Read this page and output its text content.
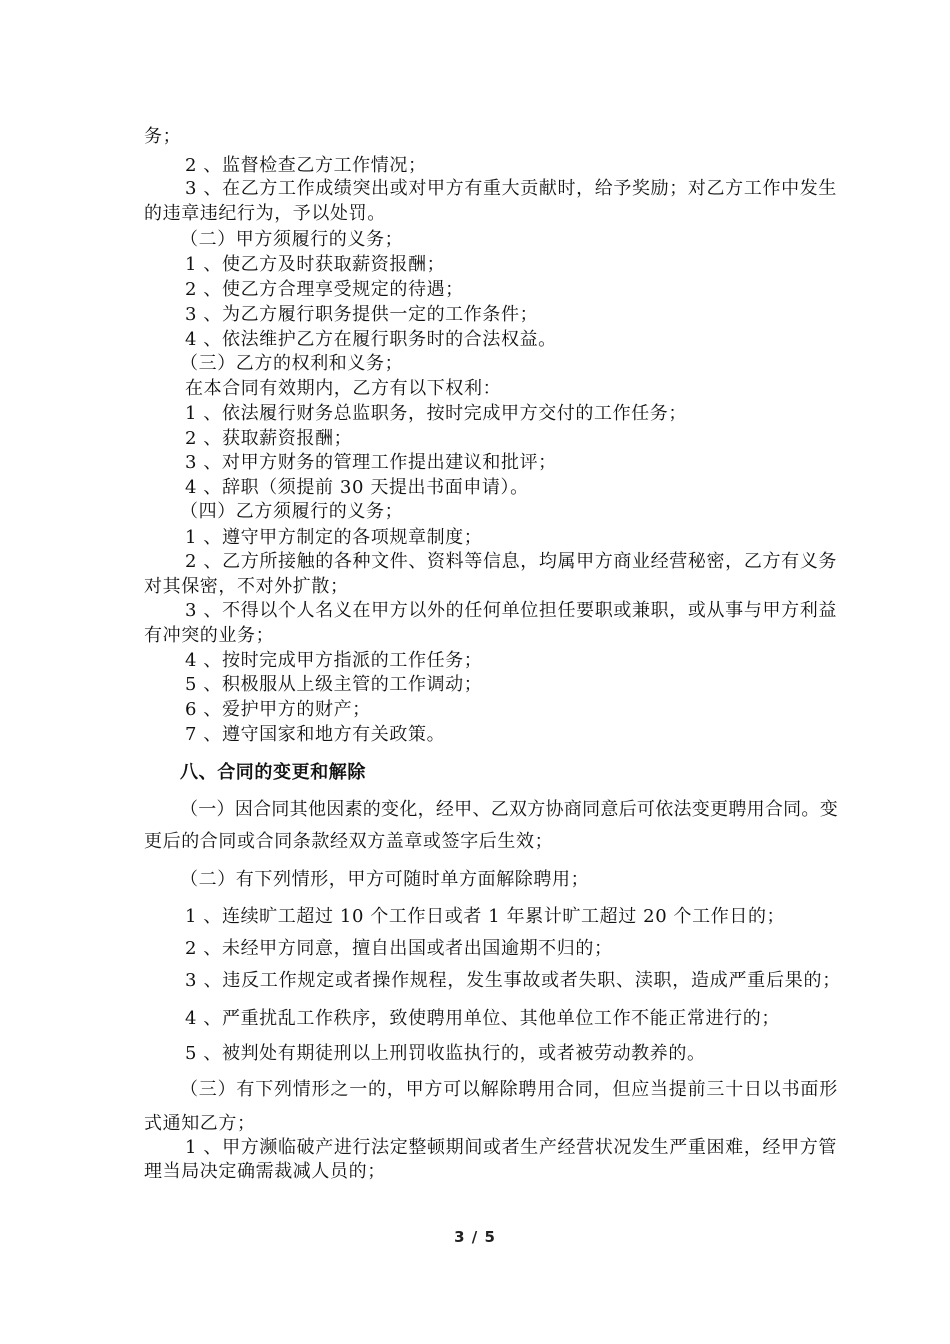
务；
2 、监督检查乙方工作情况；
3 、在乙方工作成绩突出或对甲方有重大贡献时，给予奖励；对乙方工作中发生
的违章违纪行为，予以处罚。
（二）甲方须履行的义务；
1 、使乙方及时获取薪资报酬；
2 、使乙方合理享受规定的待遇；
3 、为乙方履行职务提供一定的工作条件；
4 、依法维护乙方在履行职务时的合法权益。
（三）乙方的权利和义务；
在本合同有效期内，乙方有以下权利：
1 、依法履行财务总监职务，按时完成甲方交付的工作任务；
2 、获取薪资报酬；
3 、对甲方财务的管理工作提出建议和批评；
4 、辞职（须提前 30 天提出书面申请）。
（四）乙方须履行的义务；
1 、遵守甲方制定的各项规章制度；
2 、乙方所接触的各种文件、资料等信息，均属甲方商业经营秘密，乙方有义务
对其保密，不对外扩散；
3 、不得以个人名义在甲方以外的任何单位担任要职或兼职，或从事与甲方利益
有冲突的业务；
4 、按时完成甲方指派的工作任务；
5 、积极服从上级主管的工作调动；
6 、爱护甲方的财产；
7 、遵守国家和地方有关政策。
八、合同的变更和解除
（一）因合同其他因素的变化，经甲、乙双方协商同意后可依法变更聘用合同。变
更后的合同或合同条款经双方盖章或签字后生效；
（二）有下列情形，甲方可随时单方面解除聘用；
1 、连续旷工超过 10 个工作日或者 1 年累计旷工超过 20 个工作日的；
2 、未经甲方同意，擅自出国或者出国逾期不归的；
3 、违反工作规定或者操作规程，发生事故或者失职、渎职，造成严重后果的；
4 、严重扰乱工作秩序，致使聘用单位、其他单位工作不能正常进行的；
5 、被判处有期徒刑以上刑罚收监执行的，或者被劳动教养的。
（三）有下列情形之一的，甲方可以解除聘用合同，但应当提前三十日以书面形
式通知乙方；
1 、甲方濒临破产进行法定整顿期间或者生产经营状况发生严重困难，经甲方管
理当局决定确需裁减人员的；
3 / 5
